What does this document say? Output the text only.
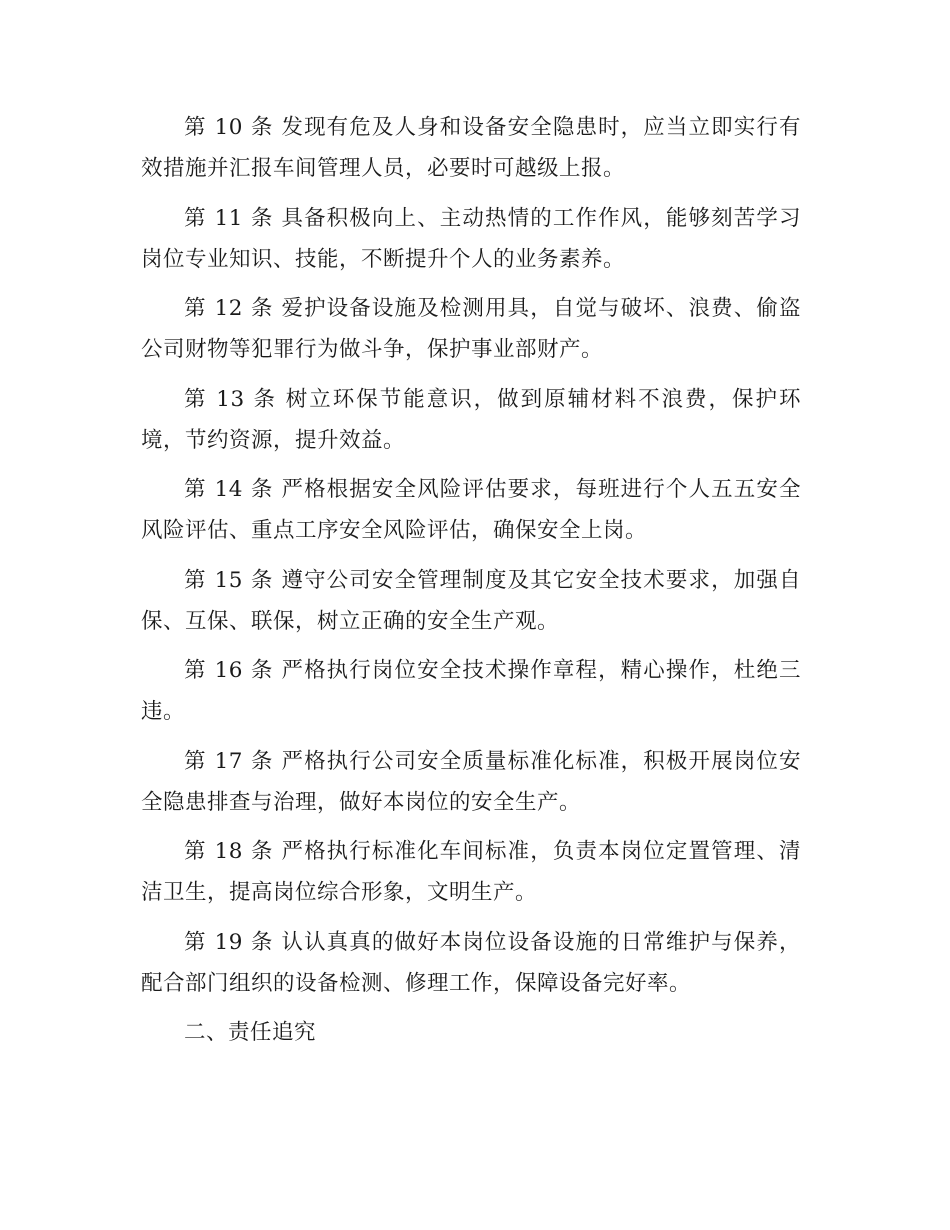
第 10 条 发现有危及人身和设备安全隐患时，应当立即实行有效措施并汇报车间管理人员，必要时可越级上报。

第 11 条 具备积极向上、主动热情的工作作风，能够刻苦学习岗位专业知识、技能，不断提升个人的业务素养。

第 12 条 爱护设备设施及检测用具，自觉与破坏、浪费、偷盗公司财物等犯罪行为做斗争，保护事业部财产。

第 13 条 树立环保节能意识，做到原辅材料不浪费，保护环境，节约资源，提升效益。

第 14 条 严格根据安全风险评估要求，每班进行个人五五安全风险评估、重点工序安全风险评估，确保安全上岗。

第 15 条 遵守公司安全管理制度及其它安全技术要求，加强自保、互保、联保，树立正确的安全生产观。

第 16 条 严格执行岗位安全技术操作章程，精心操作，杜绝三违。

第 17 条 严格执行公司安全质量标准化标准，积极开展岗位安全隐患排查与治理，做好本岗位的安全生产。

第 18 条 严格执行标准化车间标准，负责本岗位定置管理、清洁卫生，提高岗位综合形象，文明生产。

第 19 条 认认真真的做好本岗位设备设施的日常维护与保养，配合部门组织的设备检测、修理工作，保障设备完好率。

二、责任追究
